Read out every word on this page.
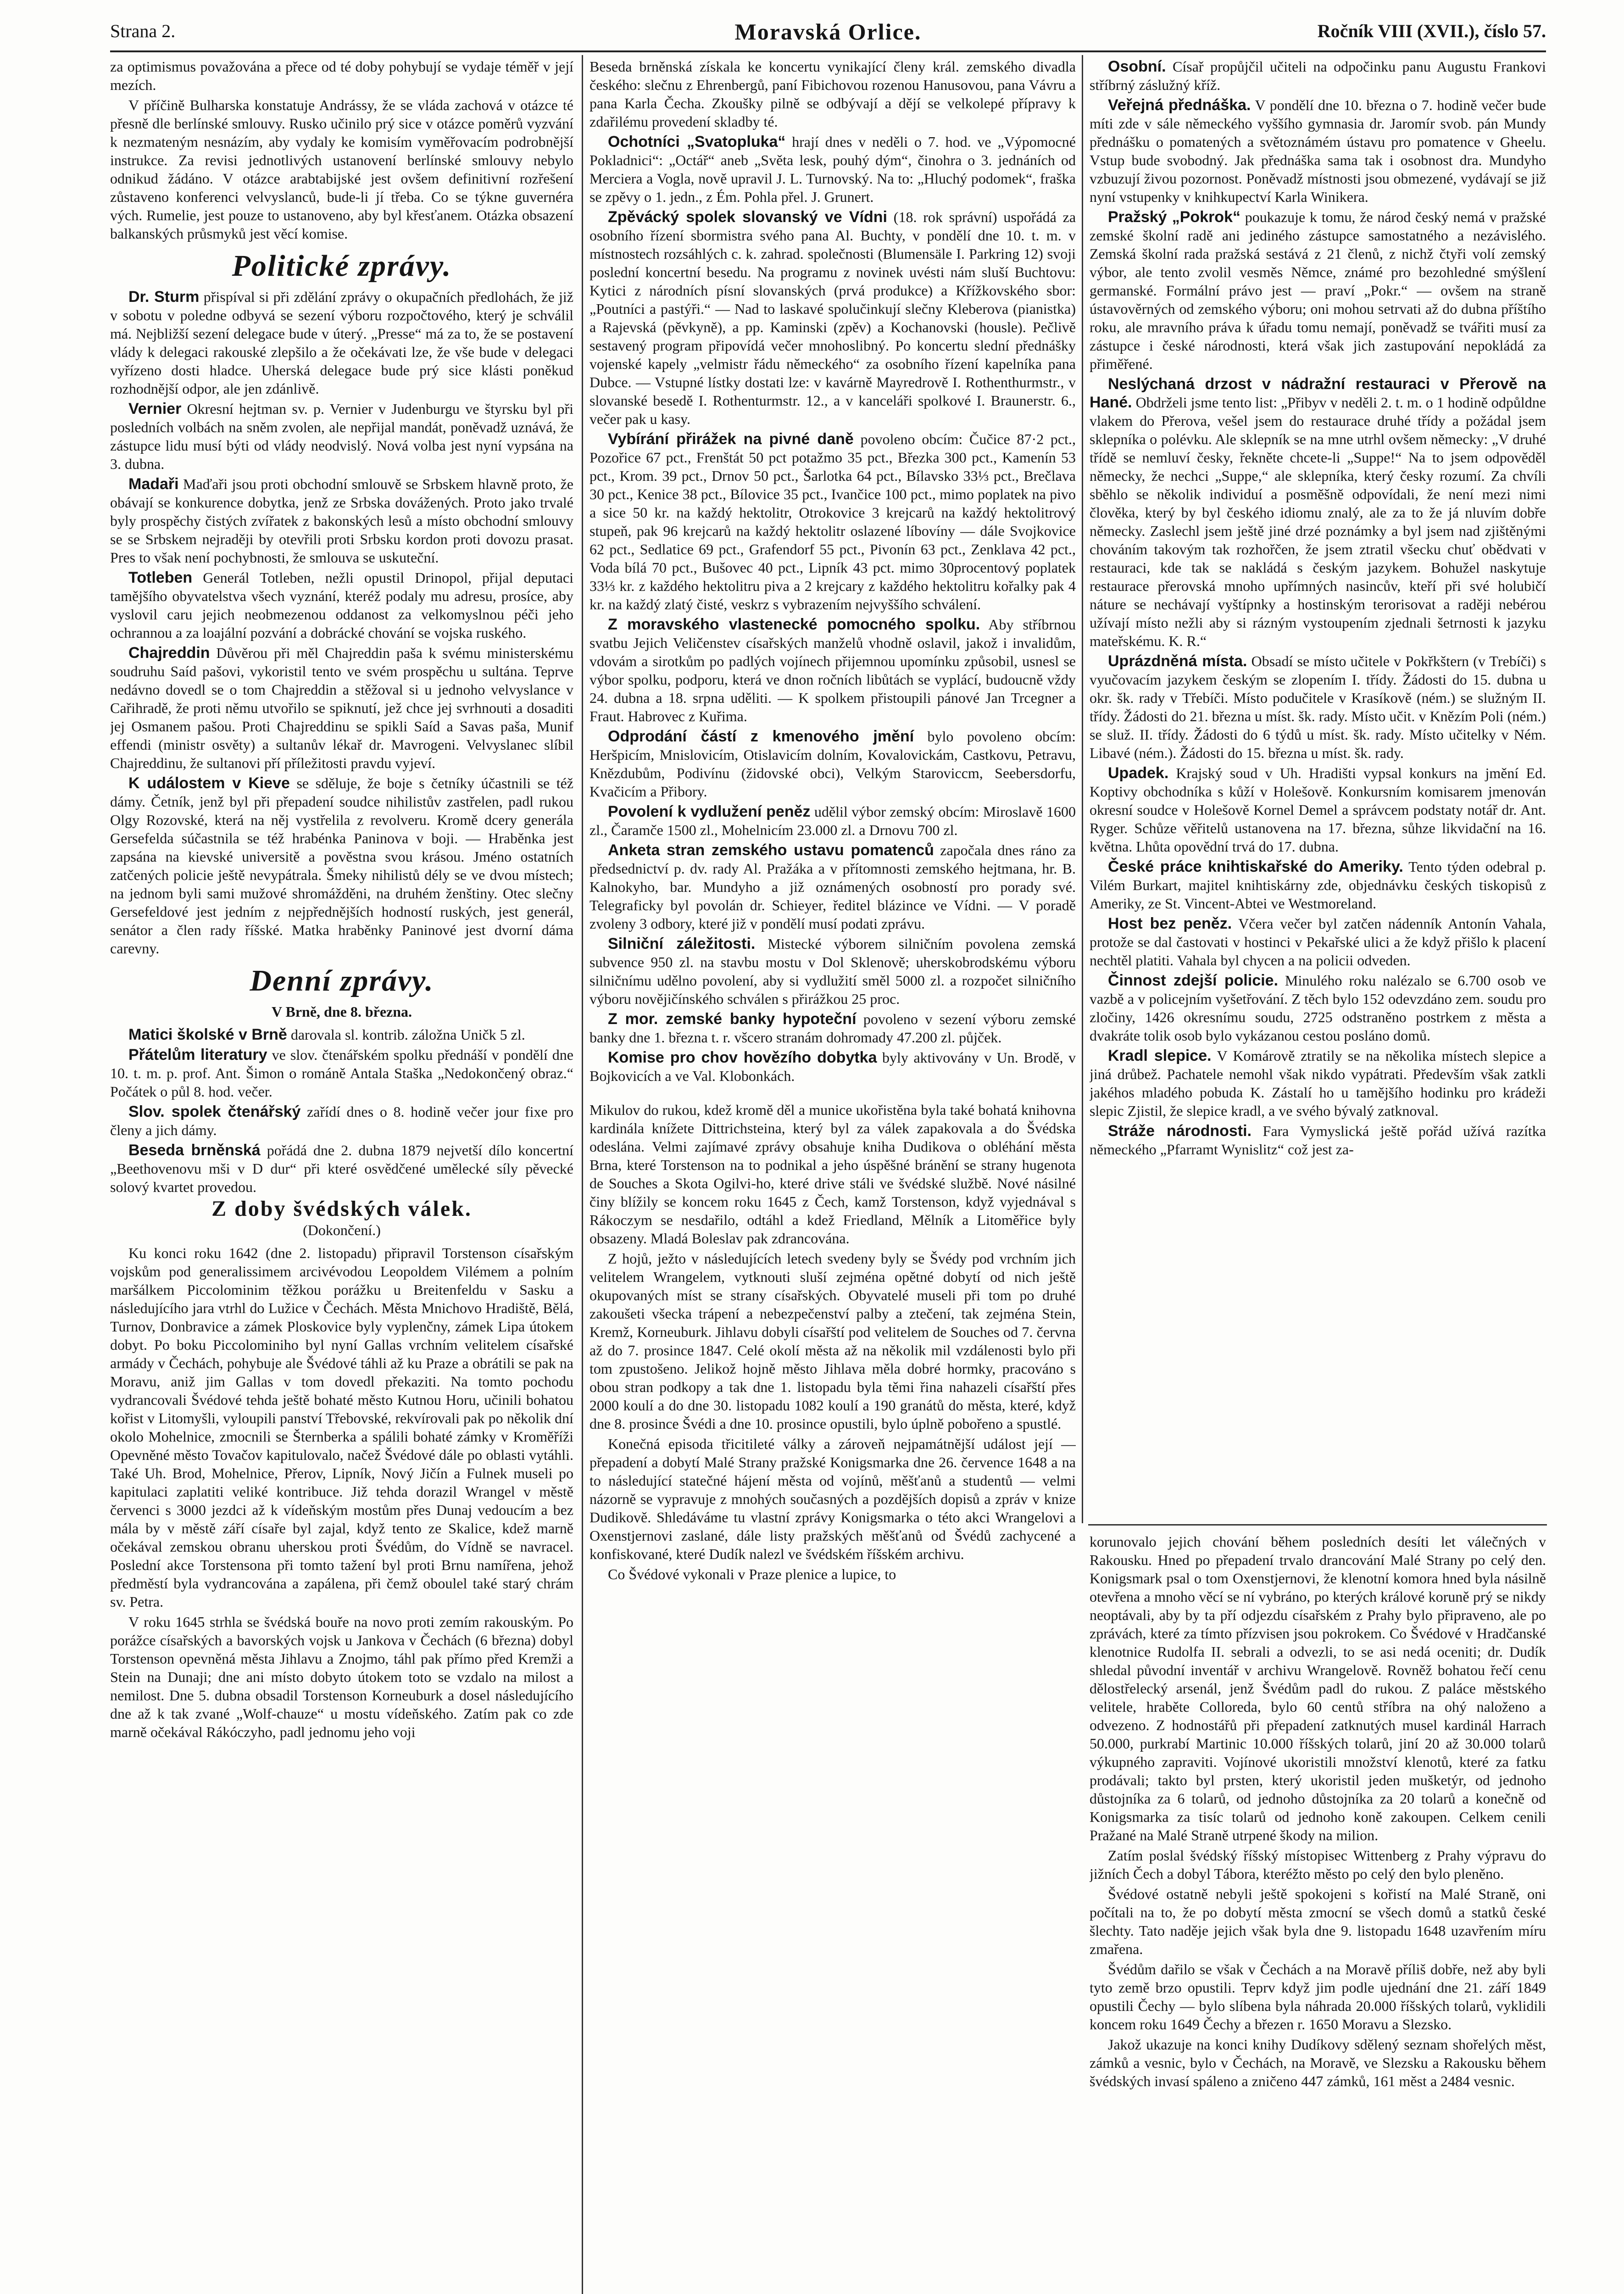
Strana 2.	Moravská Orlice.	Ročník VIII (XVII.), číslo 57.

za optimismus považována a přece od té doby pohybují se vydaje téměř v její mezích.

V příčině Bulharska konstatuje Andrássy, že se vláda zachová v otázce té přesně dle berlínské smlouvy. Rusko učinilo prý sice v otázce poměrů vyzvání k nezmateným nesnázím, aby vydaly ke komisím vyměřovacím podrobnější instrukce. Za revisi jednotlivých ustanovení berlínské smlouvy nebylo odnikud žádáno. V otázce arabtabijské jest ovšem definitivní rozřešení zůstaveno konferenci velvyslanců, bude-li jí třeba. Co se týkne guvernéra vých. Rumelie, jest pouze to ustanoveno, aby byl křesťanem. Otázka obsazení balkanských průsmyků jest věcí komise.

Politické zprávy.

Dr. Sturm přispíval si při zdělání zprávy o okupačních předlohách, že již v sobotu v poledne odbyvá se sezení výboru rozpočtového, který je schválil má. Nejbližší sezení delegace bude v úterý. „Presse“ má za to, že se postavení vlády k delegaci rakouské zlepšilo a že očekávati lze, že vše bude v delegaci vyřízeno dosti hladce. Uherská delegace bude prý sice klásti poněkud rozhodnější odpor, ale jen zdánlivě.

Vernier Okresní hejtman sv. p. Vernier v Judenburgu ve štyrsku byl při posledních volbách na sněm zvolen, ale nepřijal mandát, poněvadž uznává, že zástupce lidu musí býti od vlády neodvislý. Nová volba jest nyní vypsána na 3. dubna.

Madaři Maďaři jsou proti obchodní smlouvě se Srbskem hlavně proto, že obávají se konkurence dobytka, jenž ze Srbska dovážených. Proto jako trvalé byly prospěchy čistých zvířatek z bakonských lesů a místo obchodní smlouvy se se Srbskem nejraději by otevřili proti Srbsku kordon proti dovozu prasat. Pres to však není pochybnosti, že smlouva se uskuteční.

Totleben Generál Totleben, nežli opustil Drinopol, přijal deputaci tamějšího obyvatelstva všech vyznání, kteréž podaly mu adresu, prosíce, aby vyslovil caru jejich neobmezenou oddanost za velkomyslnou péči jeho ochrannou a za loajální pozvání a dobrácké chování se vojska ruského.

Chajreddin Důvěrou při měl Chajreddin paša k svému ministerskému soudruhu Saíd pašovi, vykoristil tento ve svém prospěchu u sultána. Teprve nedávno dovedl se o tom Chajreddin a stěžoval si u jednoho velvyslance v Cařihradě, že proti němu utvořilo se spiknutí, jež chce jej svrhnouti a dosaditi jej Osmanem pašou. Proti Chajreddinu se spikli Saíd a Savas paša, Munif effendi (ministr osvěty) a sultanův lékař dr. Mavrogeni. Velvyslanec slíbil Chajreddinu, že sultanovi pří příležitosti pravdu vyjeví.

K událostem v Kieve se sděluje, že boje s četníky účastnili se též dámy. Četník, jenž byl při přepadení soudce nihilistův zastřelen, padl rukou Olgy Rozovské, která na něj vystřelila z revolveru. Kromě dcery generála Gersefelda súčastnila se též hrabénka Paninova v boji. — Hraběnka jest zapsána na kievské universitě a pověstna svou krásou. Jméno ostatních zatčených policie ještě nevypátrala. Šmeky nihilistů dély se ve dvou místech; na jednom byli sami mužové shromážděni, na druhém ženštiny. Otec slečny Gersefeldové jest jedním z nejpřednějších hodností ruských, jest generál, senátor a člen rady říšské. Matka hraběnky Paninové jest dvorní dáma carevny.

Denní zprávy.
V Brně, dne 8. března.

Matici školské v Brně darovala sl. kontrib. záložna Uničk 5 zl.

Přátelům literatury ve slov. čtenářském spolku přednáší v pondělí dne 10. t. m. p. prof. Ant. Šimon o románě Antala Staška „Nedokončený obraz.“ Počátek o půl 8. hod. večer.

Slov. spolek čtenářský zařídí dnes o 8. hodině večer jour fixe pro členy a jich dámy.

Beseda brněnská pořádá dne 2. dubna 1879 nejvetší dílo koncertní „Beethovenovu mši v D dur“ při které osvědčené umělecké síly pěvecké solový kvartet provedou.

Z doby švédských válek.
(Dokončení.)

Ku konci roku 1642 (dne 2. listopadu) připravil Torstenson císařským vojskům pod generalissimem arcivévodou Leopoldem Vilémem a polním maršálkem Piccolominim těžkou porážku u Breitenfeldu v Sasku a následujícího jara vtrhl do Lužice v Čechách. Města Mnichovo Hradiště, Bělá, Turnov, Donbravice a zámek Ploskovice byly vyplenčny, zámek Lipa útokem dobyt. Po boku Piccolominiho byl nyní Gallas vrchním velitelem císařské armády v Čechách, pohybuje ale Švédové táhli až ku Praze a obrátili se pak na Moravu, aniž jim Gallas v tom dovedl překaziti. Na tomto pochodu vydrancovali Švédové tehda ještě bohaté město Kutnou Horu, učinili bohatou kořist v Litomyšli, vyloupili panství Třebovské, rekvírovali pak po několik dní okolo Mohelnice, zmocnili se Šternberka a spálili bohaté zámky v Kroměříži Opevněné město Tovačov kapitulovalo, načež Švédové dále po oblasti vytáhli. Také Uh. Brod, Mohelnice, Přerov, Lipník, Nový Jičín a Fulnek museli po kapitulaci zaplatiti veliké kontribuce. Již tehda dorazil Wrangel v městě červenci s 3000 jezdci až k vídeňským mostům přes Dunaj vedoucím a bez mála by v městě září císaře byl zajal, když tento ze Skalice, kdež marně očekával zemskou obranu uherskou proti Švédům, do Vídně se navracel. Poslední akce Torstensona při tomto tažení byl proti Brnu namířena, jehož předměstí byla vydrancována a zapálena, při čemž oboulel také starý chrám sv. Petra.

V roku 1645 strhla se švédská bouře na novo proti zemím rakouským. Po porážce císařských a bavorských vojsk u Jankova v Čechách (6 března) dobyl Torstenson opevněná města Jihlavu a Znojmo, táhl pak přímo před Kremži a Stein na Dunaji; dne ani místo dobyto útokem toto se vzdalo na milost a nemilost. Dne 5. dubna obsadil Torstenson Korneuburk a dosel následujícího dne až k tak zvané „Wolf-chauze“ u mostu vídeňského. Zatím pak co zde marně očekával Rákóczyho, padl jednomu jeho voji

Beseda brněnská získala ke koncertu vynikající členy král. zemského divadla českého: slečnu z Ehrenbergů, paní Fibichovou rozenou Hanusovou, pana Vávru a pana Karla Čecha. Zkoušky pilně se odbývají a dějí se velkolepé přípravy k zdařilému provedení skladby té.

Ochotníci „Svatopluka“ hrají dnes v neděli o 7. hod. ve „Výpomocné Pokladnici“: „Octář“ aneb „Světa lesk, pouhý dým“, činohra o 3. jednáních od Merciera a Vogla, nově upravil J. L. Turnovský. Na to: „Hluchý podomek“, fraška se zpěvy o 1. jedn., z Ém. Pohla přel. J. Grunert.

Zpěvácký spolek slovanský ve Vídni (18. rok správní) uspořádá za osobního řízení sbormistra svého pana Al. Buchty, v pondělí dne 10. t. m. v místnostech rozsáhlých c. k. zahrad. společnosti (Blumensäle I. Parkring 12) svoji poslední koncertní besedu. Na programu z novinek uvésti nám sluší Buchtovu: Kytici z národních písní slovanských (prvá produkce) a Křížkovského sbor: „Poutníci a pastýři.“ — Nad to laskavé spolučinkují slečny Kleberova (pianistka) a Rajevská (pěvkyně), a pp. Kaminski (zpěv) a Kochanovski (housle). Pečlivě sestavený program připovídá večer mnohoslibný. Po koncertu slední přednášky vojenské kapely „velmistr řádu německého“ za osobního řízení kapelníka pana Dubce. — Vstupné lístky dostati lze: v kavárně Mayredrově I. Rothenthurmstr., v slovanské besedě I. Rothenturmstr. 12., a v kanceláři spolkové I. Braunerstr. 6., večer pak u kasy.

Vybírání přirážek na pivné daně povoleno obcím: Čučice 87·2 pct., Pozořice 67 pct., Frenštát 50 pct potažmo 35 pct., Březka 300 pct., Kamenín 53 pct., Krom. 39 pct., Drnov 50 pct., Šarlotka 64 pct., Bílavsko 33⅓ pct., Brečlava 30 pct., Kenice 38 pct., Bílovice 35 pct., Ivančice 100 pct., mimo poplatek na pivo a sice 50 kr. na každý hektolitr, Otrokovice 3 krejcarů na každý hektolitrový stupeň, pak 96 krejcarů na každý hektolitr oslazené líbovíny — dále Svojkovice 62 pct., Sedlatice 69 pct., Grafendorf 55 pct., Pivonín 63 pct., Zenklava 42 pct., Voda bílá 70 pct., Bušovec 40 pct., Lipník 43 pct. mimo 30procentový poplatek 33⅓ kr. z každého hektolitru piva a 2 krejcary z každého hektolitru kořalky pak 4 kr. na každý zlatý čisté, veskrz s vybrazením nejvyššího schválení.

Z moravského vlastenecké pomocného spolku. Aby stříbrnou svatbu Jejich Veličenstev císařských manželů vhodně oslavil, jakož i invalidům, vdovám a sirotkům po padlých vojínech přijemnou upomínku způsobil, usnesl se výbor spolku, podporu, která ve dnon ročních libůtách se vyplácí, budoucně vždy 24. dubna a 18. srpna uděliti. — K spolkem přistoupili pánové Jan Trcegner a Fraut. Habrovec z Kuřima.

Odprodání částí z kmenového jmění bylo povoleno obcím: Heršpicím, Mnislovicím, Otislavicím dolním, Kovalovickám, Castkovu, Petravu, Knězdubům, Podivínu (židovské obci), Velkým Staroviccm, Seebersdorfu, Kvačicím a Přibory.

Povolení k vydlužení peněz udělil výbor zemský obcím: Miroslavě 1600 zl., Čaramče 1500 zl., Mohelnicím 23.000 zl. a Drnovu 700 zl.

Anketa stran zemského ustavu pomatenců započala dnes ráno za předsednictví p. dv. rady Al. Pražáka a v přítomnosti zemského hejtmana, hr. B. Kalnokyho, bar. Mundyho a již oznámených osobností pro porady své. Telegraficky byl povolán dr. Schieyer, ředitel blázince ve Vídni. — V poradě zvoleny 3 odbory, které již v pondělí musí podati zprávu.

Silniční záležitosti. Mistecké výborem silničním povolena zemská subvence 950 zl. na stavbu mostu v Dol Sklenově; uherskobrodskému výboru silničnímu udělno povolení, aby si vydlužití směl 5000 zl. a rozpočet silničního výboru novějičínského schválen s přirážkou 25 proc.

Z mor. zemské banky hypoteční povoleno v sezení výboru zemské banky dne 1. března t. r. všcero stranám dohromady 47.200 zl. půjček.

Komise pro chov hovězího dobytka byly aktivovány v Un. Brodě, v Bojkovicích a ve Val. Klobonkách.

Mikulov do rukou, kdež kromě děl a munice ukořistěna byla také bohatá knihovna kardinála knížete Dittrichsteina, který byl za válek zapakovala a do Švédska odeslána. Velmi zajímavé zprávy obsahuje kniha Dudikova o obléhání města Brna, které Torstenson na to podnikal a jeho úspěšné bránění se strany hugenota de Souches a Skota Ogilvi-ho, které drive stáli ve švédské službě. Nové násilné činy blížily se koncem roku 1645 z Čech, kamž Torstenson, když vyjednával s Rákoczym se nesdařilo, odtáhl a kdež Friedland, Mělník a Litoměřice byly obsazeny. Mladá Boleslav pak zdrancována.

Z hojů, ježto v následujících letech svedeny byly se Švédy pod vrchním jich velitelem Wrangelem, vytknouti sluší zejména opětné dobytí od nich ještě okupovaných míst se strany císařských. Obyvatelé museli při tom po druhé zakoušeti všecka trápení a nebezpečenství palby a ztečení, tak zejména Stein, Kremž, Korneuburk. Jihlavu dobyli císařští pod velitelem de Souches od 7. června až do 7. prosince 1847. Celé okolí města až na několik mil vzdálenosti bylo při tom zpustošeno. Jelikož hojně město Jihlava měla dobré hormky, pracováno s obou stran podkopy a tak dne 1. listopadu byla těmi řina nahazeli císařští přes 2000 koulí a do dne 30. listopadu 1082 koulí a 190 granátů do města, které, když dne 8. prosince Švédi a dne 10. prosince opustili, bylo úplně pobořeno a spustlé.

Konečná episoda třicitileté války a zároveň nejpamátnější událost její — přepadení a dobytí Malé Strany pražské Konigsmarka dne 26. července 1648 a na to následující statečné hájení města od vojínů, měšťanů a studentů — velmi názorně se vypravuje z mnohých současných a pozdějších dopisů a zpráv v knize Dudikově. Shledáváme tu vlastní zprávy Konigsmarka o této akci Wrangelovi a Oxenstjernovi zaslané, dále listy pražských měšťanů od Švédů zachycené a konfiskované, které Dudík nalezl ve švédském říšském archivu.

Co Švédové vykonali v Praze plenice a lupice, to

Osobní. Císař propůjčil učiteli na odpočinku panu Augustu Frankovi stříbrný záslužný kříž.

Veřejná přednáška. V pondělí dne 10. března o 7. hodině večer bude míti zde v sále německého vyššího gymnasia dr. Jaromír svob. pán Mundy přednášku o pomatených a světoznámém ústavu pro pomatence v Gheelu. Vstup bude svobodný. Jak přednáška sama tak i osobnost dra. Mundyho vzbuzují živou pozornost. Poněvadž místnosti jsou obmezené, vydávají se již nyní vstupenky v knihkupectví Karla Winikera.

Pražský „Pokrok“ poukazuje k tomu, že národ český nemá v pražské zemské školní radě ani jediného zástupce samostatného a nezávislého. Zemská školní rada pražská sestává z 21 členů, z nichž čtyři volí zemský výbor, ale tento zvolil vesměs Němce, známé pro bezohledné smýšlení germanské. Formální právo jest — praví „Pokr.“ — ovšem na straně ústavověrných od zemského výboru; oni mohou setrvati až do dubna příštího roku, ale mravního práva k úřadu tomu nemají, poněvadž se tvářiti musí za zástupce i české národnosti, která však jich zastupování nepokládá za přiměřené.

Neslýchaná drzost v nádražní restauraci v Přerově na Hané. Obdrželi jsme tento list: „Přibyv v neděli 2. t. m. o 1 hodině odpůldne vlakem do Přerova, vešel jsem do restaurace druhé třídy a požádal jsem sklepníka o polévku. Ale sklepník se na mne utrhl ovšem německy: „V druhé třídě se nemluví česky, řekněte chcete-li „Suppe!“ Na to jsem odpověděl německy, že nechci „Suppe,“ ale sklepníka, který česky rozumí. Za chvíli sběhlo se několik individuí a posměšně odpovídali, že není mezi nimi člověka, který by byl českého idiomu znalý, ale za to že já nluvím dobře německy. Zaslechl jsem ještě jiné drzé poznámky a byl jsem nad zjištěnými chováním takovým tak rozhořčen, že jsem ztratil všecku chuť obědvati v restauraci, kde tak se nakládá s českým jazykem. Bohužel naskytuje restaurace přerovská mnoho upřímných nasincův, kteří při své holubičí náture se nechávají vyštípnky a hostinským terorisovat a raději nebérou užívají místo nežli aby si rázným vystoupením zjednali šetrnosti k jazyku mateřskému. K. R.“

Uprázdněná místa. Obsadí se místo učitele v Pokřkštern (v Trebíči) s vyučovacím jazykem českým se zlopením I. třídy. Žádosti do 15. dubna u okr. šk. rady v Třebíči. Místo podučitele v Krasíkově (ném.) se služným II. třídy. Žádosti do 21. března u míst. šk. rady. Místo učit. v Knězím Poli (ném.) se služ. II. třídy. Žádosti do 6 týdů u míst. šk. rady. Místo učitelky v Ném. Libavé (ném.). Žádosti do 15. března u míst. šk. rady.

Upadek. Krajský soud v Uh. Hradišti vypsal konkurs na jmění Ed. Koptivy obchodníka s kůží v Holešově. Konkursním komisarem jmenován okresní soudce v Holešově Kornel Demel a správcem podstaty notář dr. Ant. Ryger. Schůze věřitelů ustanovena na 17. března, sůhze likvidační na 16. května. Lhůta opovědní trvá do 17. dubna.

České práce knihtiskařské do Ameriky. Tento týden odebral p. Vilém Burkart, majitel knihtiskárny zde, objednávku českých tiskopisů z Ameriky, ze St. Vincent-Abtei ve Westmoreland.

Host bez peněz. Včera večer byl zatčen nádenník Antonín Vahala, protože se dal častovati v hostinci v Pekařské ulici a že když přišlo k placení nechtěl platiti. Vahala byl chycen a na policii odveden.

Činnost zdejší policie. Minulého roku nalézalo se 6.700 osob ve vazbě a v policejním vyšetřování. Z těch bylo 152 odevzdáno zem. soudu pro zločiny, 1426 okresnímu soudu, 2725 odstraněno postrkem z města a dvakráte tolik osob bylo vykázanou cestou posláno domů.

Kradl slepice. V Komárově ztratily se na několika místech slepice a jiná drůbež. Pachatele nemohl však nikdo vypátrati. Především však zatkli jakéhos mladého pobuda K. Zástalí ho u tamějšího hodinku pro krádeži slepic Zjistil, že slepice kradl, a ve svého bývalý zatknoval.

Stráže národnosti. Fara Vymyslická ještě pořád užívá razítka německého „Pfarramt Wynislitz“ což jest za-

korunovalo jejich chování během posledních desíti let válečných v Rakousku. Hned po přepadení trvalo drancování Malé Strany po celý den. Konigsmark psal o tom Oxenstjernovi, že klenotní komora hned byla násilně otevřena a mnoho věcí se ní vybráno, po kterých králové koruně prý se nikdy neoptávali, aby by ta pří odjezdu císařském z Prahy bylo připraveno, ale po zprávách, které za tímto přízvisen jsou pokrokem. Co Švédové v Hradčanské klenotnice Rudolfa II. sebrali a odvezli, to se asi nedá oceniti; dr. Dudík shledal původní inventář v archivu Wrangelově. Rovněž bohatou řečí cenu dělostřelecký arsenál, jenž Švédům padl do rukou. Z paláce městského velitele, hraběte Colloreda, bylo 60 centů stříbra na ohý naloženo a odvezeno. Z hodnostářů při přepadení zatknutých musel kardinál Harrach 50.000, purkrabí Martinic 10.000 říšských tolarů, jiní 20 až 30.000 tolarů výkupného zapraviti. Vojínové ukoristili množství klenotů, které za fatku prodávali; takto byl prsten, který ukoristil jeden mušketýr, od jednoho důstojníka za 6 tolarů, od jednoho důstojníka za 20 tolarů a konečně od Konigsmarka za tisíc tolarů od jednoho koně zakoupen. Celkem cenili Pražané na Malé Straně utrpené škody na milion.

Zatím poslal švédský říšský místopisec Wittenberg z Prahy výpravu do jižních Čech a dobyl Tábora, kteréžto město po celý den bylo pleněno.

Švédové ostatně nebyli ještě spokojeni s kořistí na Malé Straně, oni počítali na to, že po dobytí města zmocní se všech domů a statků české šlechty. Tato naděje jejich však byla dne 9. listopadu 1648 uzavřením míru zmařena.

Švédům dařilo se však v Čechách a na Moravě příliš dobře, než aby byli tyto země brzo opustili. Teprv když jim podle ujednání dne 21. září 1849 opustili Čechy — bylo slíbena byla náhrada 20.000 říšských tolarů, vyklidili koncem roku 1649 Čechy a březen r. 1650 Moravu a Slezsko.

Jakož ukazuje na konci knihy Dudíkovy sdělený seznam shořelých měst, zámků a vesnic, bylo v Čechách, na Moravě, ve Slezsku a Rakousku během švédských invasí spáleno a zničeno 447 zámků, 161 měst a 2484 vesnic.
